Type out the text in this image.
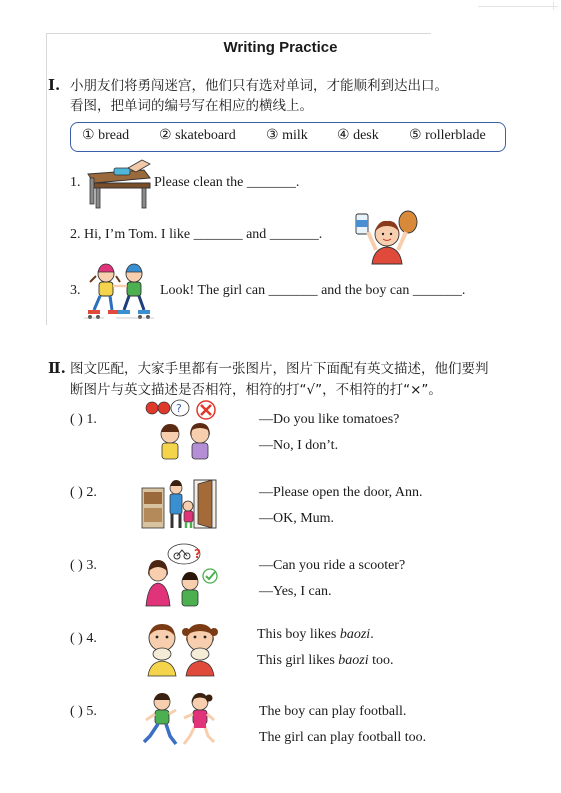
Writing Practice
Ⅰ. 小朋友们将勇闯迷宫，他们只有选对单词，才能顺利到达出口。
看图，把单词的编号写在相应的横线上。
① bread ② skateboard ③ milk ④ desk ⑤ rollerblade
1.	Please clean the _______.
2. Hi, I’m Tom. I like _______ and _______.
3.	Look! The girl can _______ and the boy can _______.
Ⅱ. 图文匹配，大家手里都有一张图片，图片下面配有英文描述，他们要判
断图片与英文描述是否相符，相符的打“√”，不相符的打“×”。
( ) 1.
?
—Do you like tomatoes?
—No, I don’t.
( ) 2.	—Please open the door, Ann.
—OK, Mum.
( ) 3.
?
—Can you ride a scooter?
—Yes, I can.
( ) 4.	This boy likes baozi.
This girl likes baozi too.
( ) 5.	The boy can play football.
The girl can play football too.
